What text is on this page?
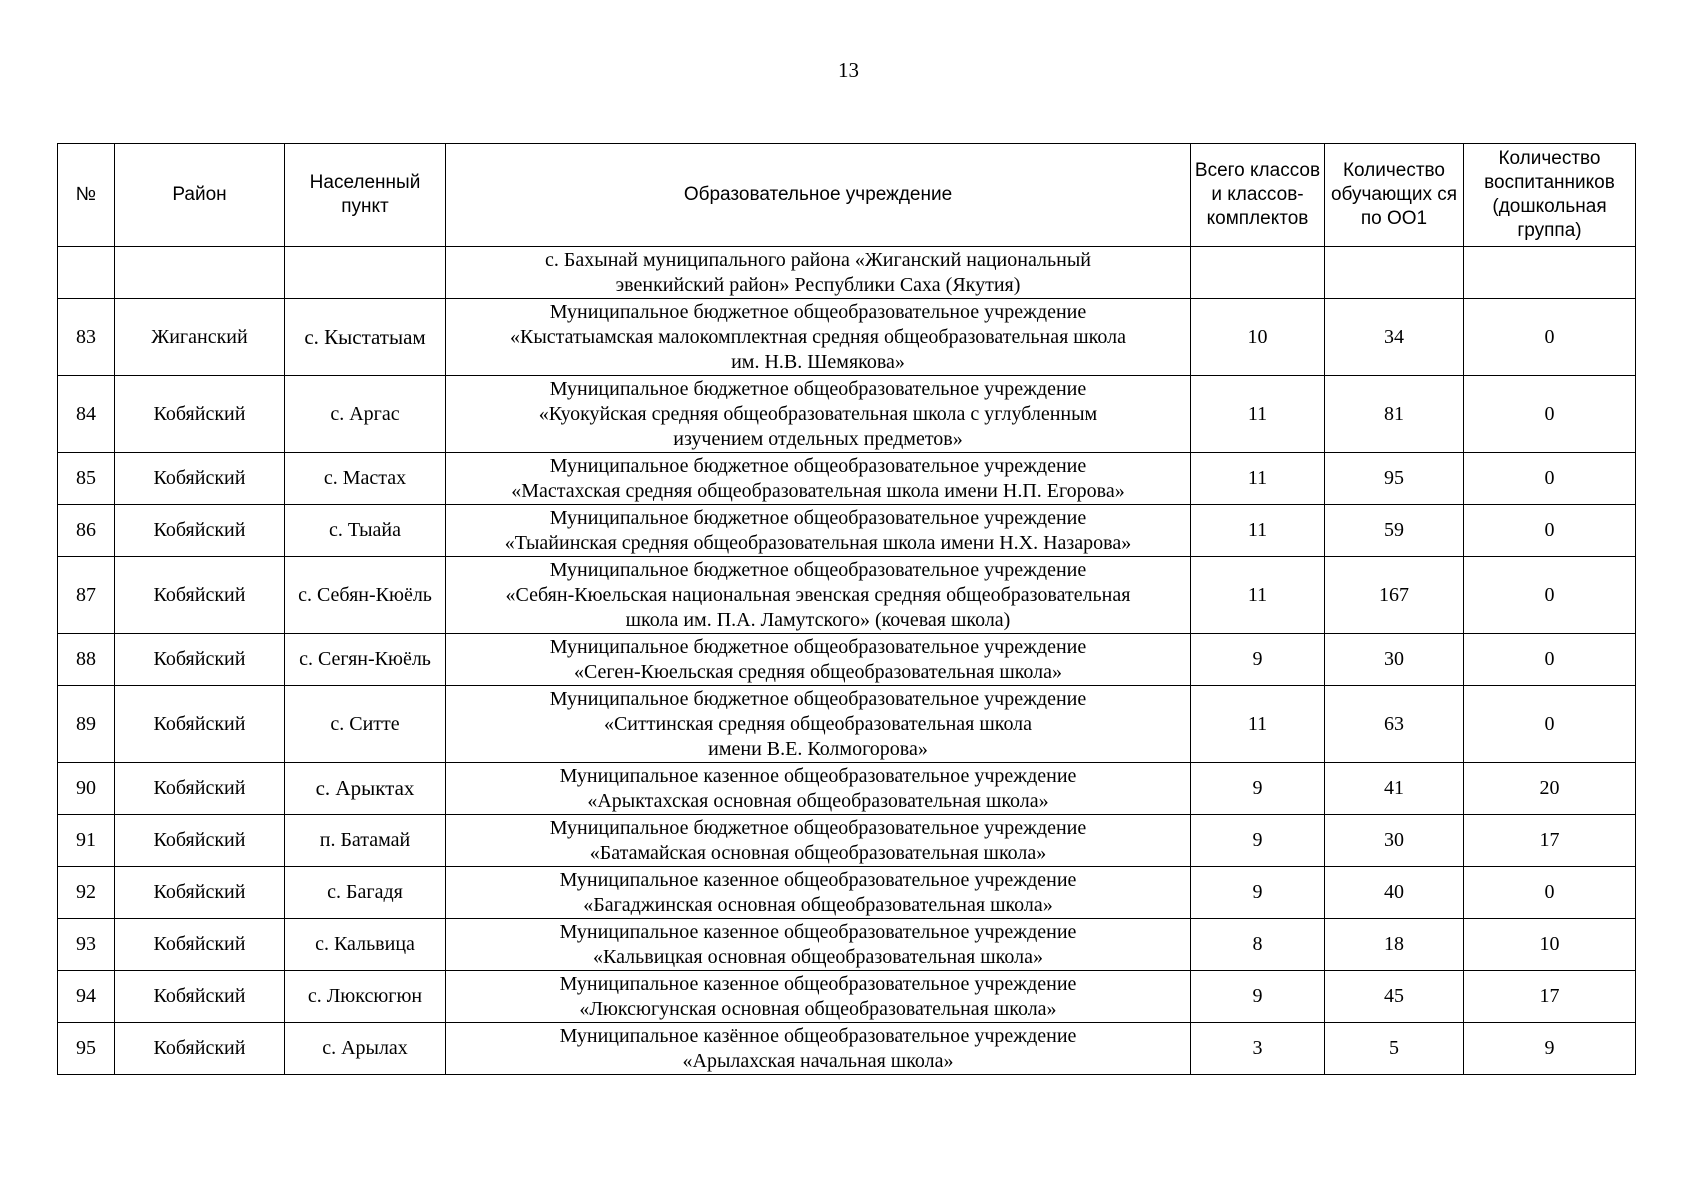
13
№	Район	Населенный пункт	Образовательное учреждение	Всего классов и классов-комплектов	Количество обучающих ся по ОО1	Количество воспитанников (дошкольная группа)

			с. Бахынай муниципального района «Жиганский национальный
эвенкийский район» Республики Саха (Якутия)			

83	Жиганский	с. Кыстатыам	Муниципальное бюджетное общеобразовательное учреждение
«Кыстатыамская малокомплектная средняя общеобразовательная школа
им. Н.В. Шемякова»	10	34	0
84	Кобяйский	с. Аргас	Муниципальное бюджетное общеобразовательное учреждение
«Куокуйская средняя общеобразовательная школа с углубленным
изучением отдельных предметов»	11	81	0
85	Кобяйский	с. Мастах	Муниципальное бюджетное общеобразовательное учреждение
«Мастахская средняя общеобразовательная школа имени Н.П. Егорова»	11	95	0
86	Кобяйский	с. Тыайа	Муниципальное бюджетное общеобразовательное учреждение
«Тыайинская средняя общеобразовательная школа имени Н.Х. Назарова»	11	59	0
87	Кобяйский	с. Себян-Кюёль	Муниципальное бюджетное общеобразовательное учреждение
«Себян-Кюельская национальная эвенская средняя общеобразовательная
школа им. П.А. Ламутского» (кочевая школа)	11	167	0
88	Кобяйский	с. Сегян-Кюёль	Муниципальное бюджетное общеобразовательное учреждение
«Сеген-Кюельская средняя общеобразовательная школа»	9	30	0
89	Кобяйский	с. Ситте	Муниципальное бюджетное общеобразовательное учреждение
«Ситтинская средняя общеобразовательная школа
имени В.Е. Колмогорова»	11	63	0
90	Кобяйский	с. Арыктах	Муниципальное казенное общеобразовательное учреждение
«Арыктахская основная общеобразовательная школа»	9	41	20
91	Кобяйский	п. Батамай	Муниципальное бюджетное общеобразовательное учреждение
«Батамайская основная общеобразовательная школа»	9	30	17
92	Кобяйский	с. Багадя	Муниципальное казенное общеобразовательное учреждение
«Багаджинская основная общеобразовательная школа»	9	40	0
93	Кобяйский	с. Кальвица	Муниципальное казенное общеобразовательное учреждение
«Кальвицкая основная общеобразовательная школа»	8	18	10
94	Кобяйский	с. Люксюгюн	Муниципальное казенное общеобразовательное учреждение
«Люксюгунская основная общеобразовательная школа»	9	45	17
95	Кобяйский	с. Арылах	Муниципальное казённое общеобразовательное учреждение
«Арылахская начальная школа»	3	5	9
